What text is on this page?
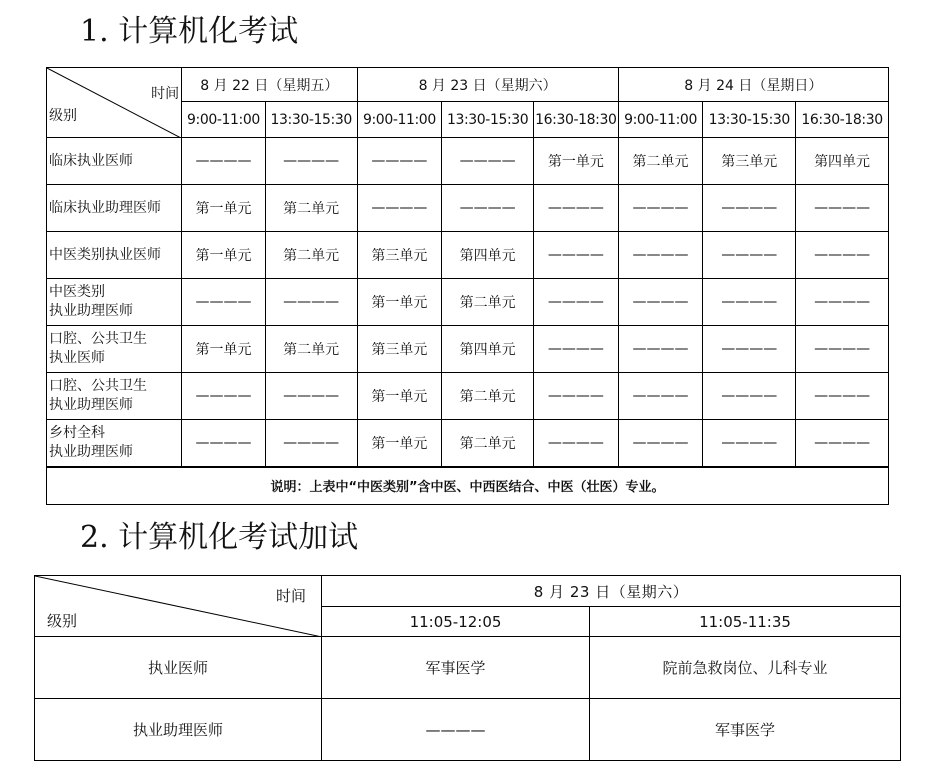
1. 计算机化考试
时间
级别	8 月 22 日（星期五）		8 月 23 日（星期六）			8 月 24 日（星期日）		
	9:00-11:00	13:30-15:30	9:00-11:00	13:30-15:30	16:30-18:30	9:00-11:00	13:30-15:30	16:30-18:30
临床执业医师	————	————	————	————	第一单元	第二单元	第三单元	第四单元
临床执业助理医师	第一单元	第二单元	————	————	————	————	————	————
中医类别执业医师	第一单元	第二单元	第三单元	第四单元	————	————	————	————
中医类别
执业助理医师	————	————	第一单元	第二单元	————	————	————	————
口腔、公共卫生
执业医师	第一单元	第二单元	第三单元	第四单元	————	————	————	————
口腔、公共卫生
执业助理医师	————	————	第一单元	第二单元	————	————	————	————
乡村全科
执业助理医师	————	————	第一单元	第二单元	————	————	————	————
说明：上表中“中医类别”含中医、中西医结合、中医（壮医）专业。								
2. 计算机化考试加试
时间
级别	8 月 23 日（星期六）	
	11:05-12:05	11:05-11:35
执业医师	军事医学	院前急救岗位、儿科专业
执业助理医师	————	军事医学
